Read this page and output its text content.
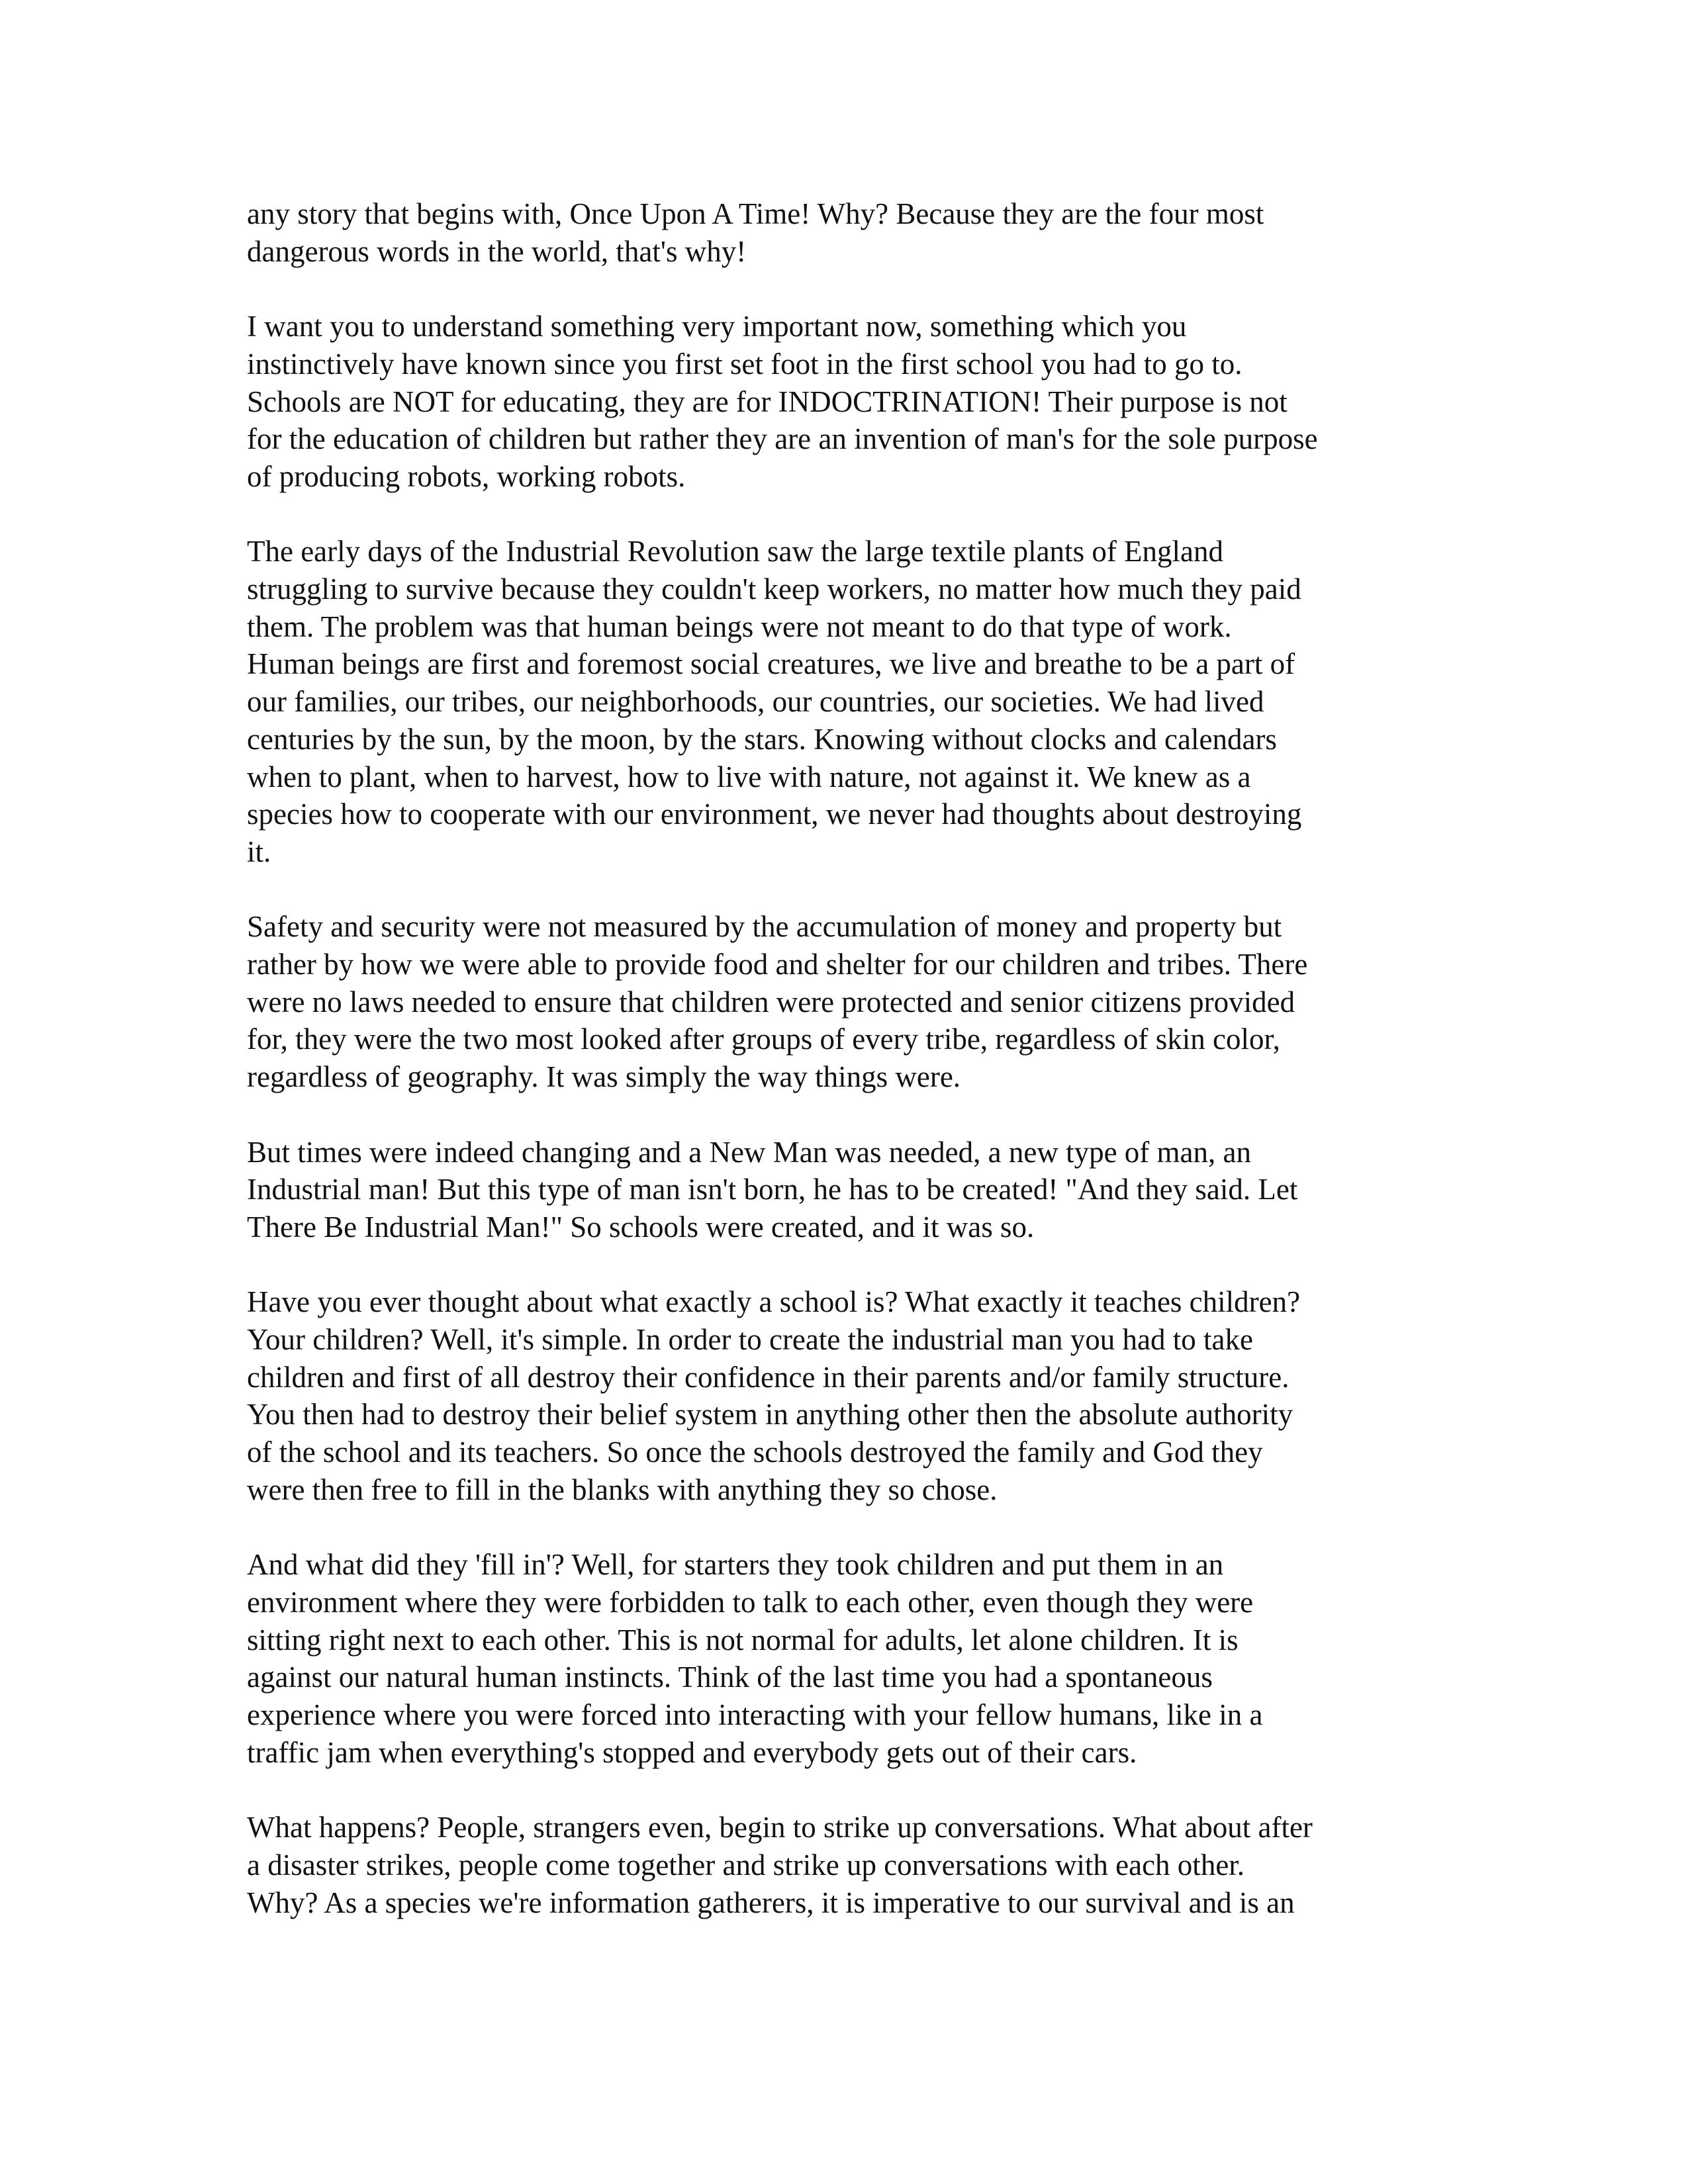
any story that begins with, Once Upon A Time! Why? Because they are the four most
dangerous words in the world, that's why!

I want you to understand something very important now, something which you
instinctively have known since you first set foot in the first school you had to go to.
Schools are NOT for educating, they are for INDOCTRINATION! Their purpose is not
for the education of children but rather they are an invention of man's for the sole purpose
of producing robots, working robots.

The early days of the Industrial Revolution saw the large textile plants of England
struggling to survive because they couldn't keep workers, no matter how much they paid
them. The problem was that human beings were not meant to do that type of work.
Human beings are first and foremost social creatures, we live and breathe to be a part of
our families, our tribes, our neighborhoods, our countries, our societies. We had lived
centuries by the sun, by the moon, by the stars. Knowing without clocks and calendars
when to plant, when to harvest, how to live with nature, not against it. We knew as a
species how to cooperate with our environment, we never had thoughts about destroying
it.

Safety and security were not measured by the accumulation of money and property but
rather by how we were able to provide food and shelter for our children and tribes. There
were no laws needed to ensure that children were protected and senior citizens provided
for, they were the two most looked after groups of every tribe, regardless of skin color,
regardless of geography. It was simply the way things were.

But times were indeed changing and a New Man was needed, a new type of man, an
Industrial man! But this type of man isn't born, he has to be created! "And they said. Let
There Be Industrial Man!" So schools were created, and it was so.

Have you ever thought about what exactly a school is? What exactly it teaches children?
Your children? Well, it's simple. In order to create the industrial man you had to take
children and first of all destroy their confidence in their parents and/or family structure.
You then had to destroy their belief system in anything other then the absolute authority
of the school and its teachers. So once the schools destroyed the family and God they
were then free to fill in the blanks with anything they so chose.

And what did they 'fill in'? Well, for starters they took children and put them in an
environment where they were forbidden to talk to each other, even though they were
sitting right next to each other. This is not normal for adults, let alone children. It is
against our natural human instincts. Think of the last time you had a spontaneous
experience where you were forced into interacting with your fellow humans, like in a
traffic jam when everything's stopped and everybody gets out of their cars.

What happens? People, strangers even, begin to strike up conversations. What about after
a disaster strikes, people come together and strike up conversations with each other.
Why? As a species we're information gatherers, it is imperative to our survival and is an
